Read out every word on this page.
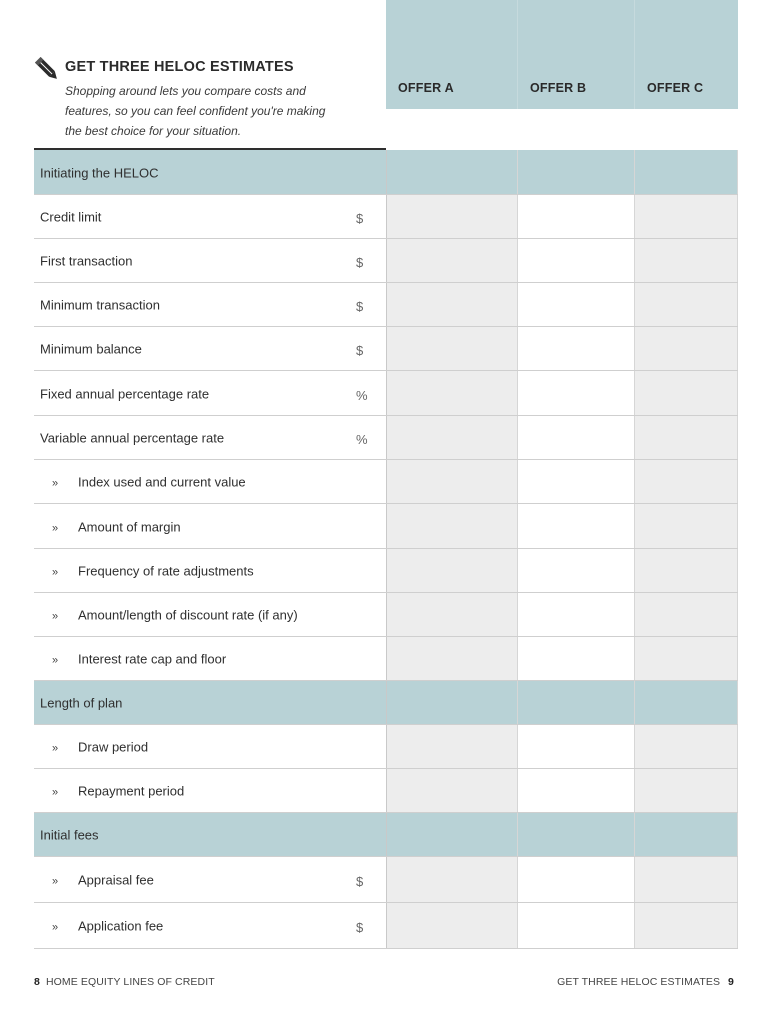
OFFER A	OFFER B	OFFER C
GET THREE HELOC ESTIMATES
Shopping around lets you compare costs and
features, so you can feel confident you're making
the best choice for your situation.
Initiating the HELOC
Credit limit	$
First transaction	$
Minimum transaction	$
Minimum balance	$
Fixed annual percentage rate	%
Variable annual percentage rate	%
» Index used and current value
» Amount of margin
» Frequency of rate adjustments
» Amount/length of discount rate (if any)
» Interest rate cap and floor
Length of plan
» Draw period
» Repayment period
Initial fees
» Appraisal fee	$
» Application fee	$
8 HOME EQUITY LINES OF CREDIT	GET THREE HELOC ESTIMATES 9
